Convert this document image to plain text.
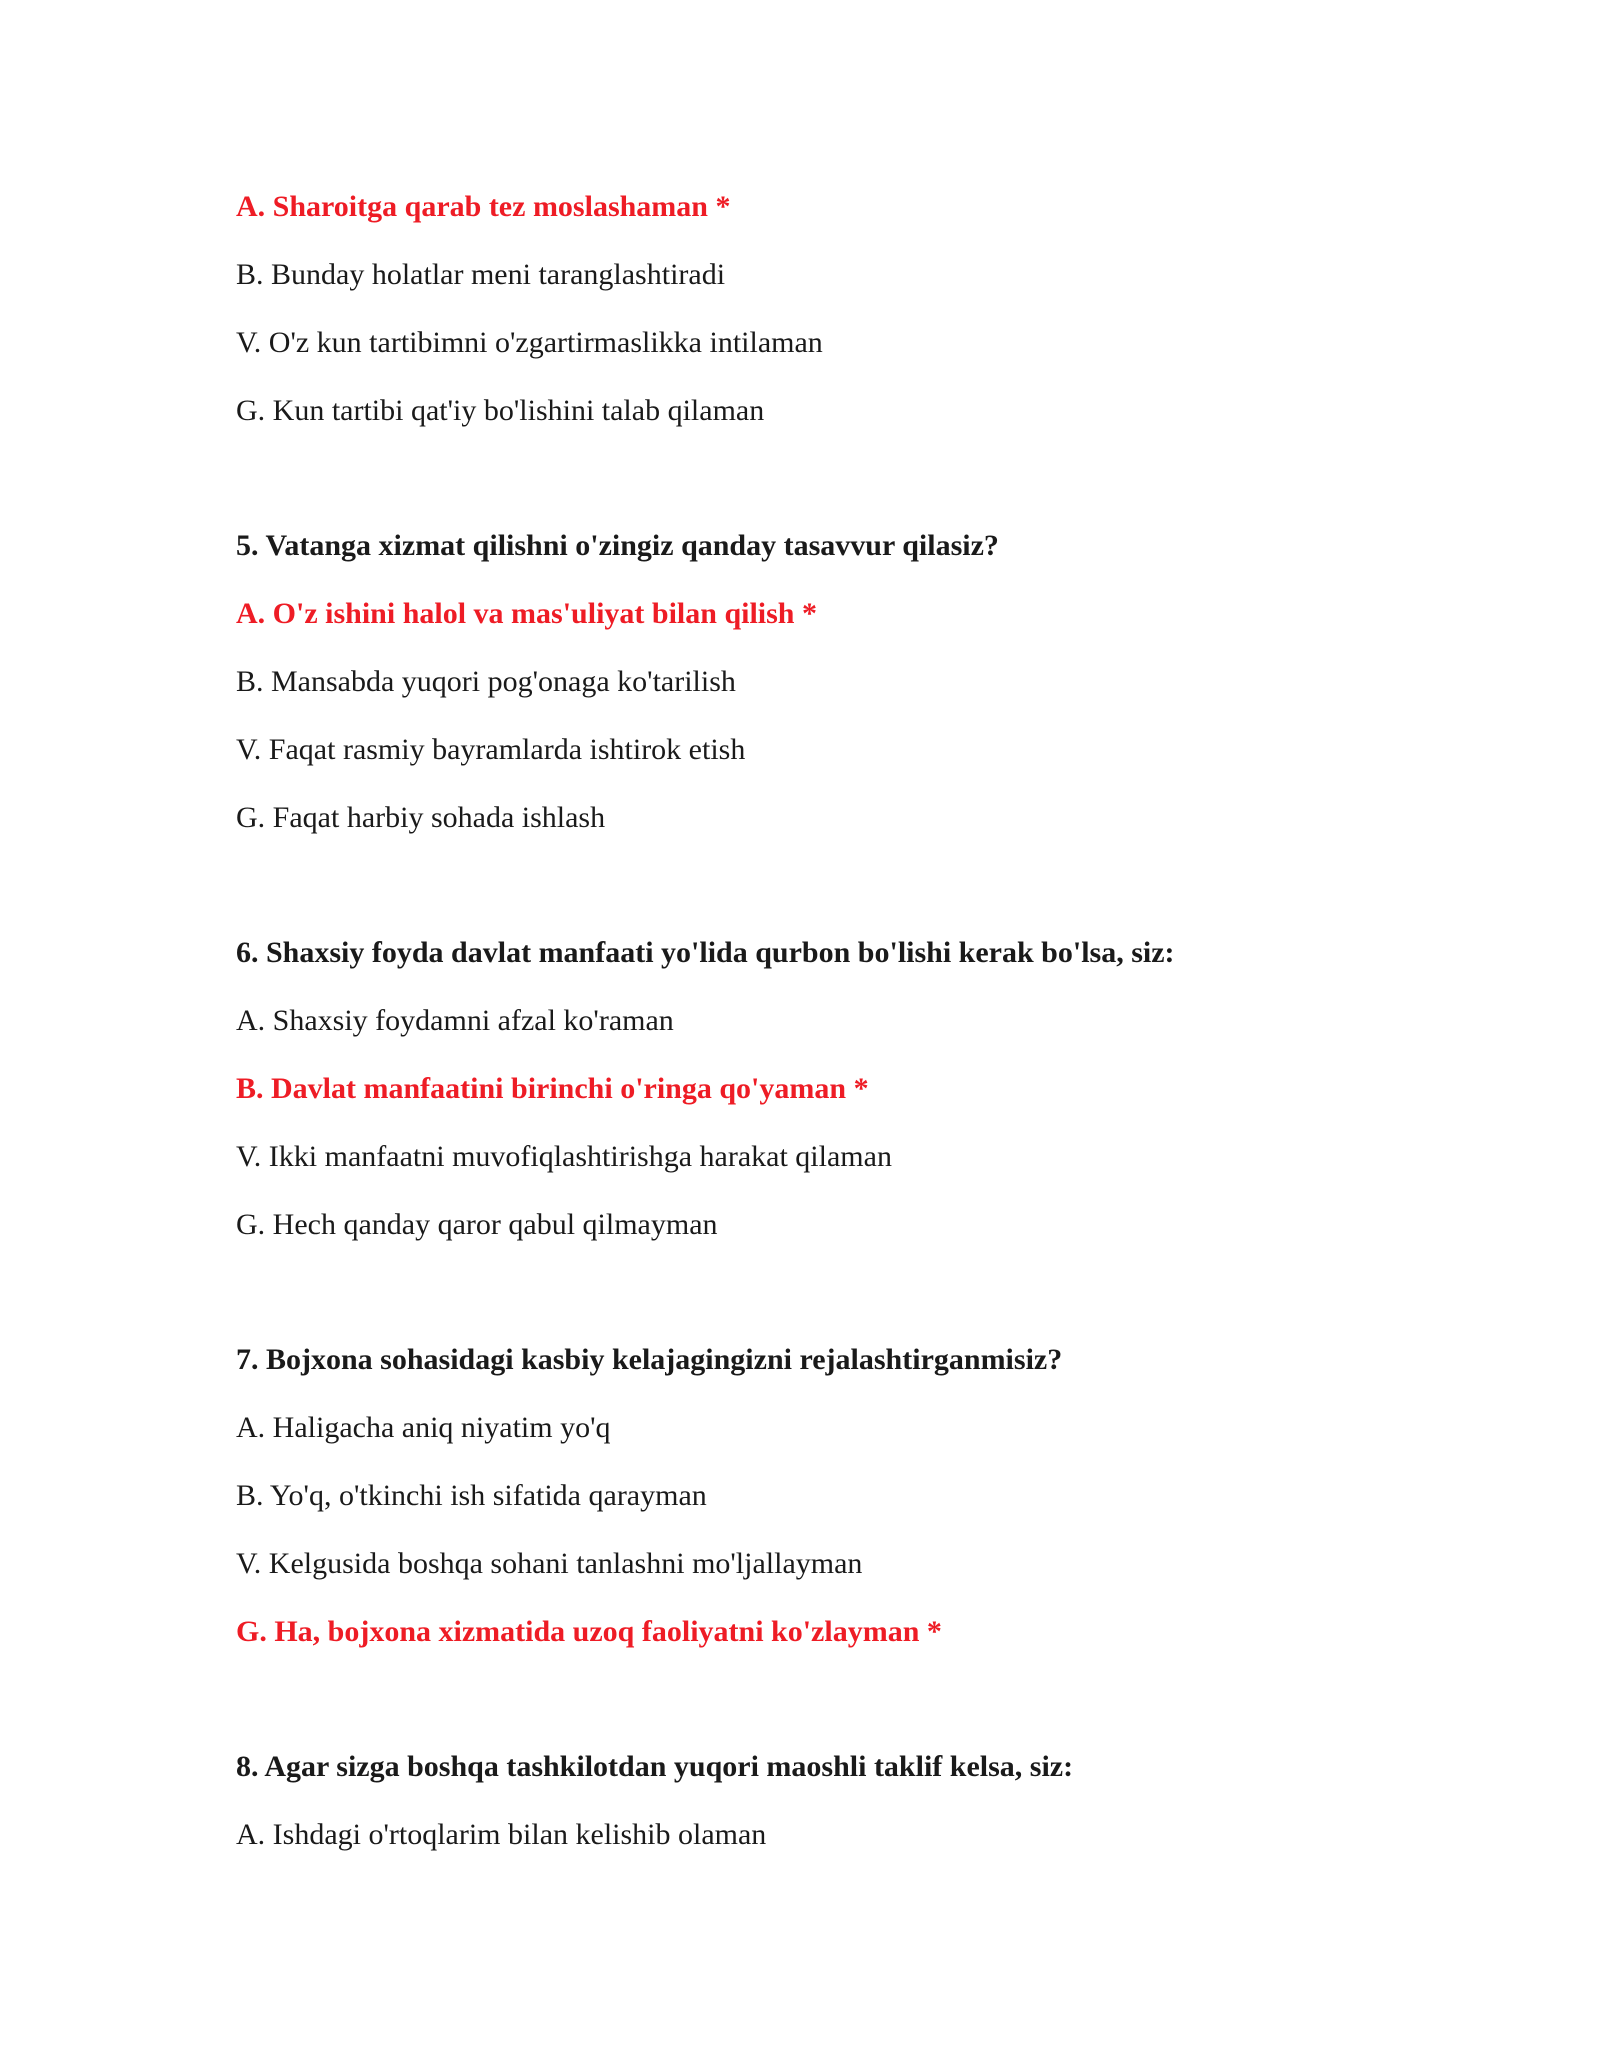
A. Sharoitga qarab tez moslashaman *
B. Bunday holatlar meni taranglashtiradi
V. O'z kun tartibimni o'zgartirmaslikka intilaman
G. Kun tartibi qat'iy bo'lishini talab qilaman
5. Vatanga xizmat qilishni o'zingiz qanday tasavvur qilasiz?
A. O'z ishini halol va mas'uliyat bilan qilish *
B. Mansabda yuqori pog'onaga ko'tarilish
V. Faqat rasmiy bayramlarda ishtirok etish
G. Faqat harbiy sohada ishlash
6. Shaxsiy foyda davlat manfaati yo'lida qurbon bo'lishi kerak bo'lsa, siz:
A. Shaxsiy foydamni afzal ko'raman
B. Davlat manfaatini birinchi o'ringa qo'yaman *
V. Ikki manfaatni muvofiqlashtirishga harakat qilaman
G. Hech qanday qaror qabul qilmayman
7. Bojxona sohasidagi kasbiy kelajagingizni rejalashtirganmisiz?
A. Haligacha aniq niyatim yo'q
B. Yo'q, o'tkinchi ish sifatida qarayman
V. Kelgusida boshqa sohani tanlashni mo'ljallayman
G. Ha, bojxona xizmatida uzoq faoliyatni ko'zlayman *
8. Agar sizga boshqa tashkilotdan yuqori maoshli taklif kelsa, siz:
A. Ishdagi o'rtoqlarim bilan kelishib olaman
